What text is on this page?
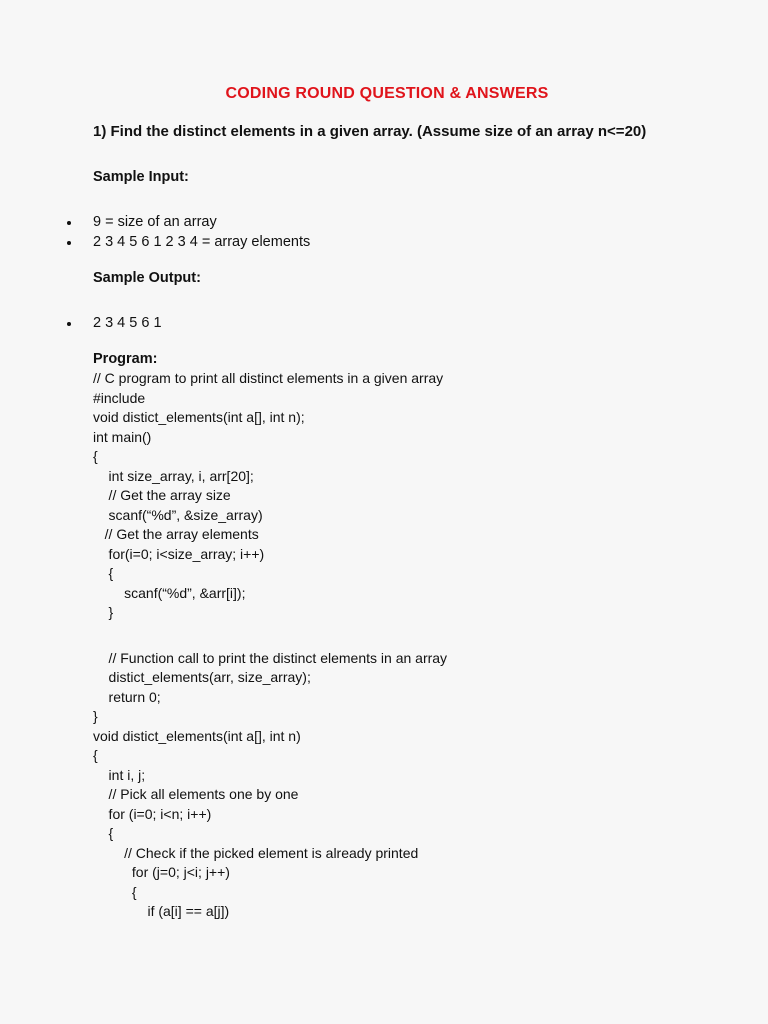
CODING ROUND QUESTION & ANSWERS
1) Find the distinct elements in a given array. (Assume size of an array n<=20)
Sample Input:
9 = size of an array
2 3 4 5 6 1 2 3 4 = array elements
Sample Output:
2 3 4 5 6 1
Program:
// C program to print all distinct elements in a given array
#include
void distict_elements(int a[], int n);
int main()
{
int size_array, i, arr[20];
// Get the array size
scanf(“%d”, &size_array)
// Get the array elements
for(i=0; i<size_array; i++)
{
scanf(“%d”, &arr[i]);
}
// Function call to print the distinct elements in an array
distict_elements(arr, size_array);
return 0;
}
void distict_elements(int a[], int n)
{
int i, j;
// Pick all elements one by one
for (i=0; i<n; i++)
{
// Check if the picked element is already printed
for (j=0; j<i; j++)
{
if (a[i] == a[j])
